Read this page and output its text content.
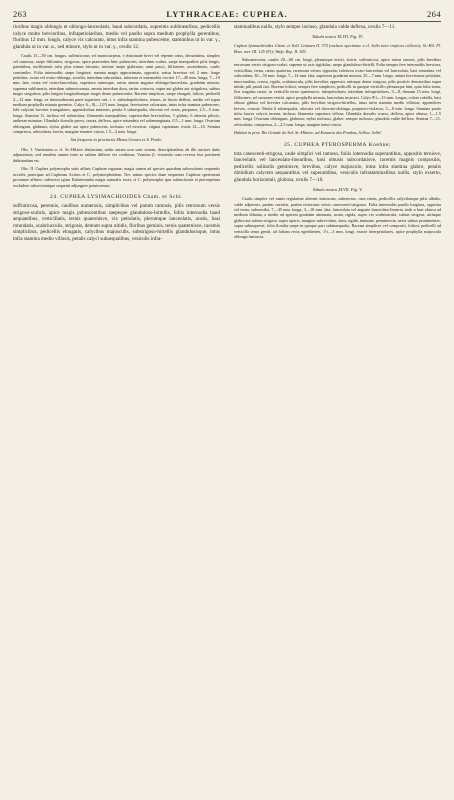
263	LYTHRACEAE: CUPHEA.	264

rioribus magis oblongis et oblongo-lanceolatis, haud subcordatis, supremis sublinearibus, pedicellis calyce multo brevioribus, infrapetiolaribus, medio vel paullo supra medium prophylla gerentibus, floribus 12 mm. longis, calyce vix calcarato, intus infra stamina pubescente, staminibus ut in var. γ., glandula ut in var. α., sed minore, stylo ut in var. γ., ovulis 12.

Caulis 15—50 cm. longus, suffruticosus vel monocarpeus, e rhizomate brevi vel repente ortus, decumbens, simplex vel ramosus, saepe filiformis, strigosus, apice praesertim hinc pubescens, interdum scaber, saepe inaequaliter pilis longis, patentibus, mollissimis rufis plus minus hirsutus, inferne saepe glabratus; rami pauci, filiformes, ascendentes, caulis consimiles. Folia internodiis saepe longiora; summa magis approximata, opposita, rarius breviora vel 2 mm. longe petiolata, ovata vel ovato-oblonga, sessilia, interdum subcordata, inferiora et internodiis circiter 17—40 mm. longa, 7—10 mm. lata, ovata vel ovato-lanceolata, superiora ramosque, rarius omnia angusta oblongo-lanceolata, gradatim minora, suprema sublinearia, interdum submucronata, omnia interdum dura, rarius coriacea, supra aut glabra aut strigulosa, subtus magis strigulosa, pilis longior longioribusque magis dense pubescentia. Racemi simplices, saepe elongati, foliosi; pedicelli 2—12 mm. longi, ex internodiorum parte superiore orti, i. e. subinfrapetiolares, tenues, in fructu deflexi, medio vel supra medium prophylla minuta gerentes. Calyx 6—9(—12?) mm. longus, brevissime calcaratus, intus infra stamina pubescens; lobi calycini breviter triangulares, appendicibus minimis; petala 6 subaequalia, obovata vel ovata, purpurea, 2.5—5 mm. longa. Stamina 11, inclusa vel subinclusa, filamentis inaequalibus, superioribus brevioribus, 5 glabris, 6 alternis pilosis; antherae minutae. Glandula dorsalis parva, crassa, deflexa, apice rotundata vel subemarginata, 0.5—1 mm. longa. Ovarium oblongum, glabrum; stylus glaber aut apice pubescens, inclusus vel exsertus; stigma capitatum; ovula 12—16. Semina compressa, orbicularia, laevia, margine tenuiter cincta, 1.5—2 mm. longa.

Sat frequens in provinciis Minas Geraes et S. Paulo.

Obs. I. Varietatem α. cl. St.-Hilaire distinctam, nobis autem non satis notam, descriptionibus ab illo auctore datis adjunximus; sed eandem omnes inter se saltem differre vix credimus. Varietas β. vincendo cum reversa hue pertinent dubitandum est.

Obs. II. Cuphea polymorpha satis affinis Cupheae ingratae, magis tamen ad species quasdam subsectionis sequentis accedit, praecipue ad Cupheam Acinos et C. polymorphoidem. Nec minus species duae sequentes Cupheae sperimenti proximae affines; subsectio igitur Euheterantha magis naturalis esset, si C. polymorpha ipsa subsectionis et pterosperma excludere subsectionique sequenti adjungere potuissemus.

24. CUPHEA LYSIMACHIOIDES Cham. et Schl.

suffruticosa, perennis, caulibus numerosis, simplicibus vel parum ramosis, pilis retrorsum versis strigoso-scabris, apice magis pubescentibus saepeque glanduloso-hirtellis, foliis internodia haud aequantibus, verticillatis, ternis quaternisve, vix petiolatis, plerumque lanceolatis, acutis, basi rotundatis, scabriusculis, strigosis, demum supra nitidis, floribus geminis, ternis quaternisve, racemis simplicibus, pedicellis elongatis, calycibus majusculis, substrigoso-hirtellis glandulosisque, intus infra stamina medio villosis, petalis calyci subaequalibus, vesiculis infra-

staminalibus nullis, stylo semper incluso, glandula valde deflexa, ovulis 7—11.

Tabula nostra XLVII. Fig. IV.

Cuphea lysimachioides Cham. et Schl. Linnaea II. 374 (excluso specimine a cl. Sello inter tropicos collecto); St.-Hil. Fl. Bras. mer. III. 125 (93); Walp. Rep. II. 109.

Subcanescens; caules 20—60 cm. longi, plerumque erecti, stricti, suffruticosi, apice rarius ramosi, pilis brevibus retrorsum versis strigoso-scabri, superne ut axis rigidulus, saepe glanduloso-hirtelli. Folia semper fere internodiis breviora, verticillata, terna, rarius quaterna, racemum versus opposita; inferiora ovato-lanceolata vel lanceolata, basi rotundata vel subcordata, 30—50 mm. longa, 7—14 mm. lata, superiora gradatim minora, 25—7 mm. longa, omnia brevissime petiolata, mucronulata, crassa, rigida, scabriuscula, pilis brevibus appressis utrinque dense strigosa, pilis posticis densioribus supra nitida; pili patuli rari. Racemi foliosi, semper fere simplices; pedicelli in quoque verticillo plerumque bini, quia folia terna, flos singulus rarior, in verticillo terno quaternove, interpetiolares, interdum infrapetiolares, 3—8, demum 15 mm. longi, filiformes, ad cacumen vestiti, apice prophylla minuta, lanceolata instructi. Calyx 8½—13 mm. longus, colore rubello, basi obtuse gibbus vel breviter calcaratus, pilis brevibus strigoso-hirtellus, intus infra stamina medio villosus; appendices breves, crassae. Petala 6 subaequalia, obovata vel obovato-oblonga, purpureo-violacea, 5—8 mm. longa. Stamina paulo infra fauces calycis inserta, inclusa; filamenta superiora villosa. Glandula dorsalis crassa, deflexa, apice obtusa, 1—1.5 mm. longa. Ovarium oblongum, glabrum; stylus inclusus, glaber, semper inclusus; glandula valde deflexa. Semina 7—11, orbicularia, compressa, 2—2.5 mm. longa, margine tenui cincta.

Habitat in prov. Rio Grande do Sul: St.-Hilaire; ad Estancia dos Pombos, Sellow. Sello!

25. CUPHEA PTEROSPERMA Koehne;

tota canescenti-strigosa, caule simplici vel ramoso, foliis internodia superantibus, oppositis ternisve, lanceolatis vel lanceolato-linearibus, basi obtusis subcordatisve, racemis magnis compositis, pedicellis solitariis geminisve, brevibus, calyce majusculo, intus infra stamina glabro, petalis dimidium calycem aequantibus vel superantibus, vesiculis infrastaminalibus nullis, stylo exserto, glandula horizontali, globosa, ovulis 7—10.

Tabula nostra XLVII. Fig. V.

Caulis simplex vel ramis regulariter alternis instructus, suberectus, cum ramis, pedicellis calycibusque pilis albidis, valde adpressis, partim curvatis, partim retrorsum versis canescenti-strigosus. Folia internodiis paullo longiora, opposita vel terna, subsessilia, 7—45 mm. longa, 3—10 mm. lata, lanceolata vel anguste lanceolato-linearia, inde a basi obtusa ad medium dilatata, a medio ad apicem gradatim attenuata, acuta, rigida, supra vix scabriuscula, subtus strigosa, utrinque glabra aut subtus strigosa, supra opacis, margine subrevoluto, dura, rigida, immune, penninervia; nervi subtus prominentes, supra subimpressi; folia floralia saepe in quoque pari subinaequalia. Racemi simplices vel compositi, foliosi; pedicelli ad verticilla terna geniti, ad folium recta egredientes, 1½—3 mm. longi, exacte interpetiolares, apice prophylla majuscula oblonga instructa.
